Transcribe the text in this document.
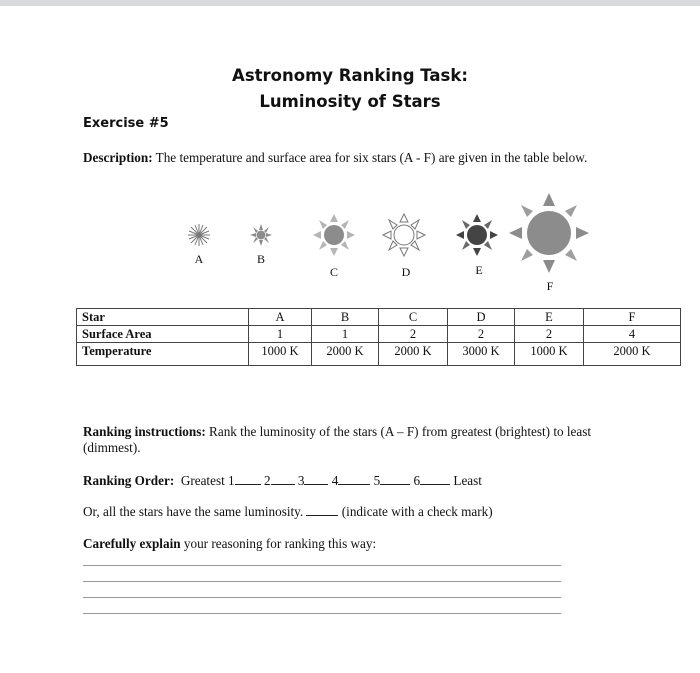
Astronomy Ranking Task:
Luminosity of Stars
Exercise #5
Description: The temperature and surface area for six stars (A - F) are given in the table below.
A	B
C	D	E
F
Star	A	B	C	D	E	F
Surface Area	1	1	2	2	2	4
Temperature	1000 K	2000 K	2000 K	3000 K	1000 K	2000 K
Ranking instructions: Rank the luminosity of the stars (A – F) from greatest (brightest) to least (dimmest).
Ranking Order: Greatest 1 2 3 4	5	6	Least
Or, all the stars have the same luminosity.	(indicate with a check mark)
Carefully explain your reasoning for ranking this way:
